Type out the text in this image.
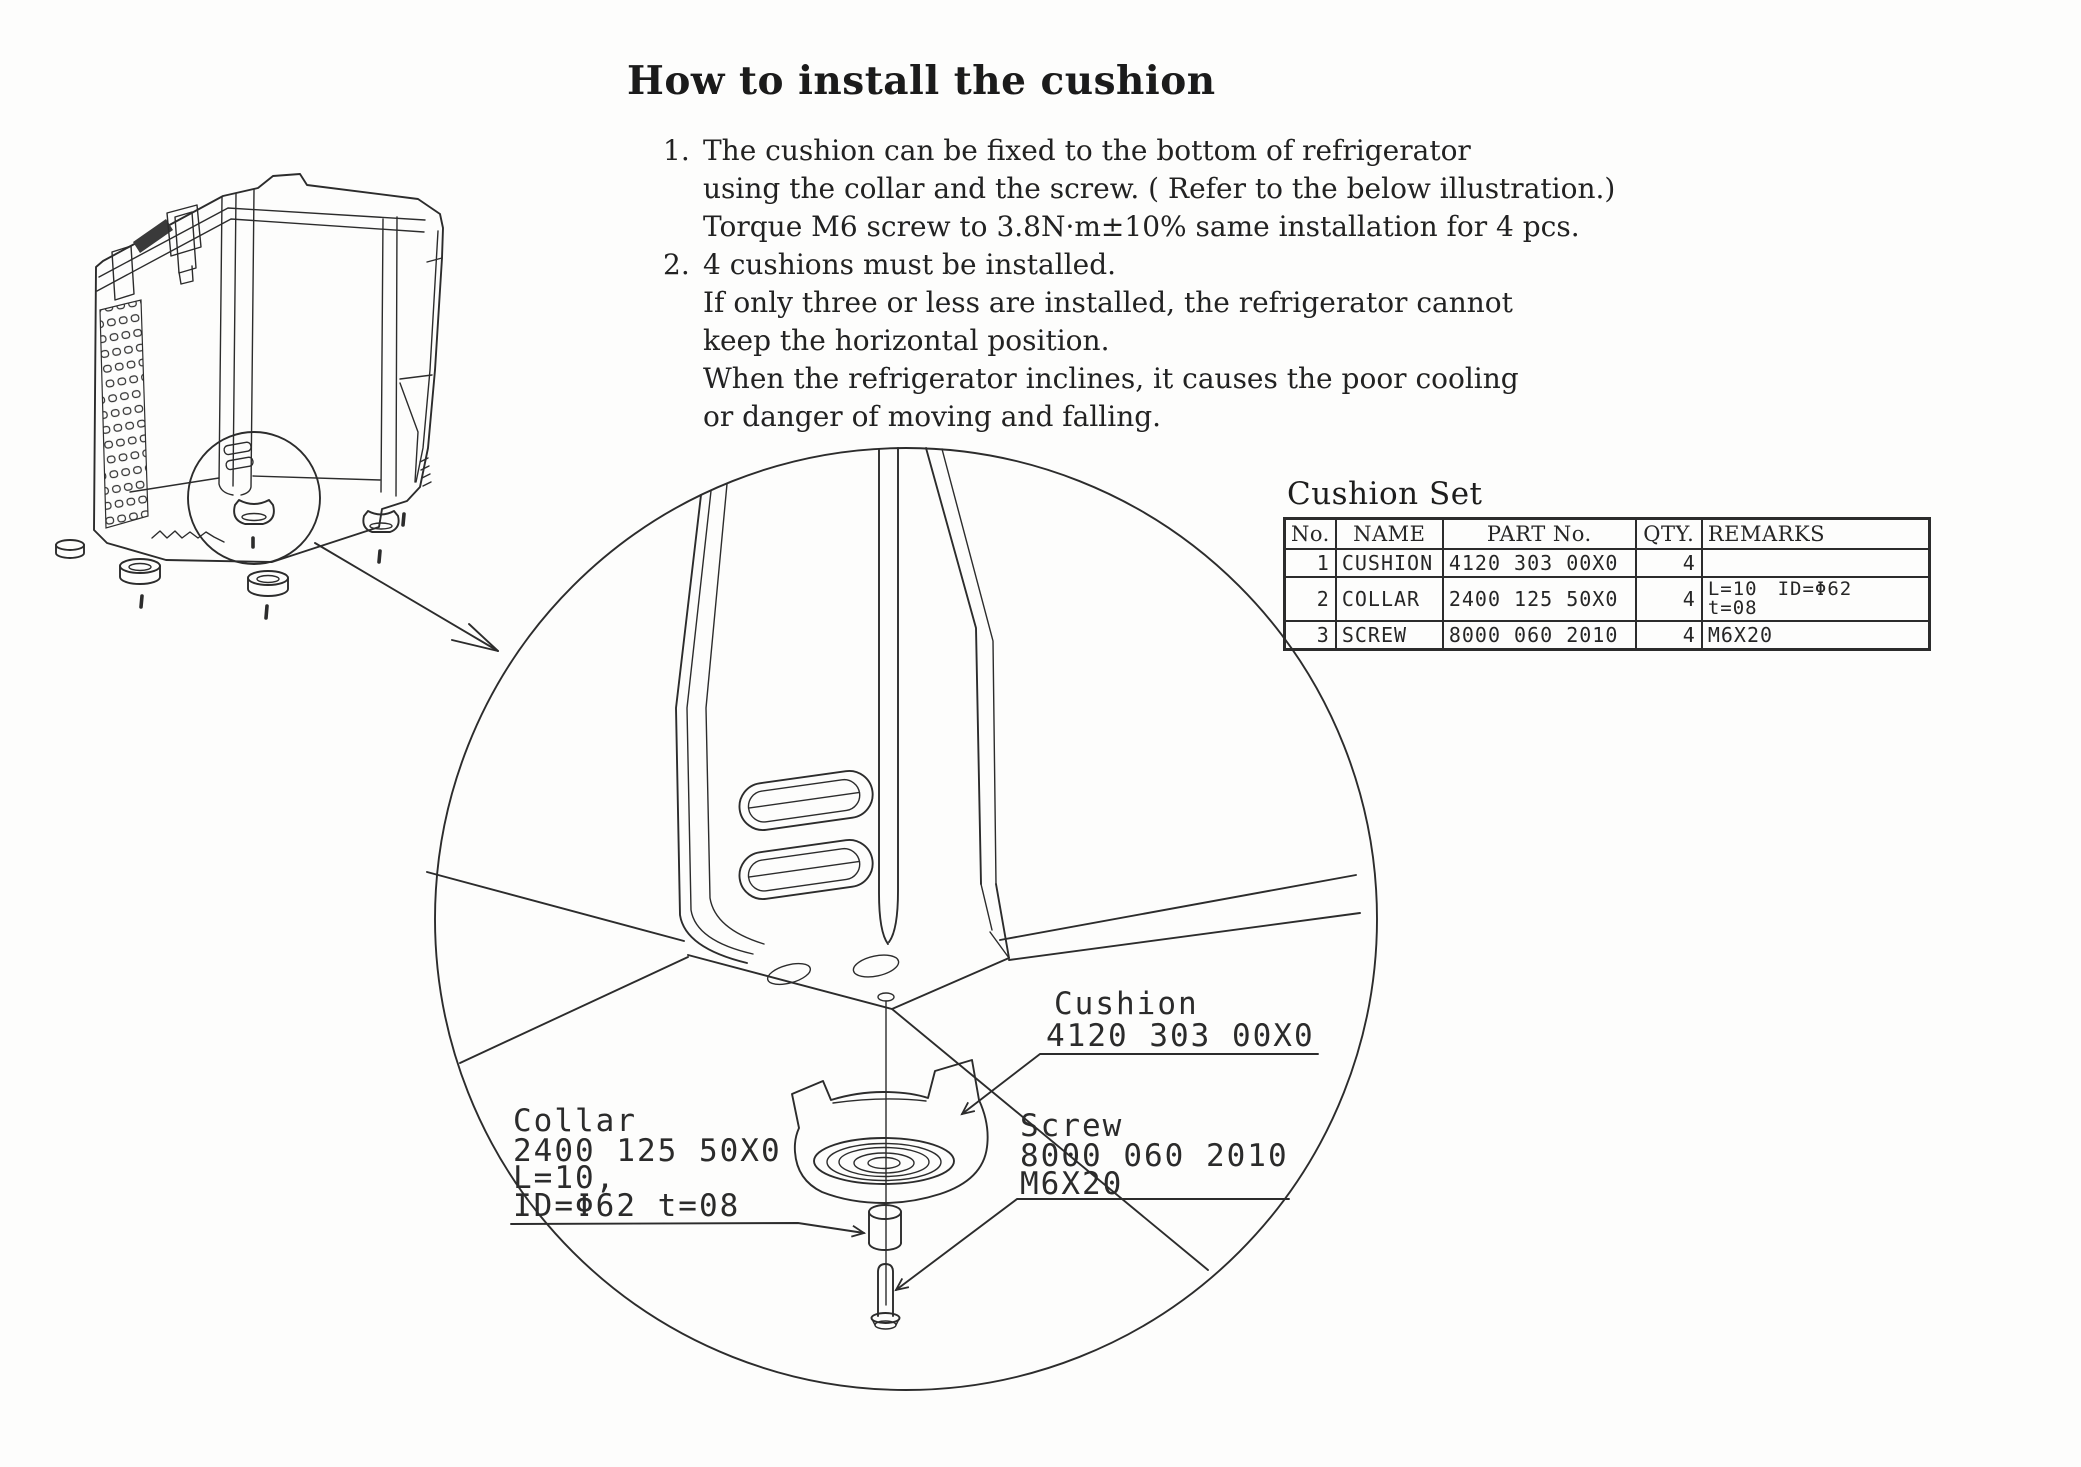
How to install the cushion
1. The cushion can be fixed to the bottom of refrigerator
using the collar and the screw. ( Refer to the below illustration.)
Torque M6 screw to 3.8N·m±10% same installation for 4 pcs.
2. 4 cushions must be installed.
If only three or less are installed, the refrigerator cannot
keep the horizontal position.
When the refrigerator inclines, it causes the poor cooling
or danger of moving and falling.
Cushion
4120 303 00X0
Screw
8000 060 2010
M6X20
Collar
2400 125 50X0
L=10,
ID=Φ62 t=08
Cushion Set
No.	NAME	PART No.	QTY.	REMARKS
1	CUSHION	4120 303 00X0	4	
2	COLLAR	2400 125 50X0	4	L=10 ID=Φ62
t=08

3	SCREW	8000 060 2010	4	M6X20
